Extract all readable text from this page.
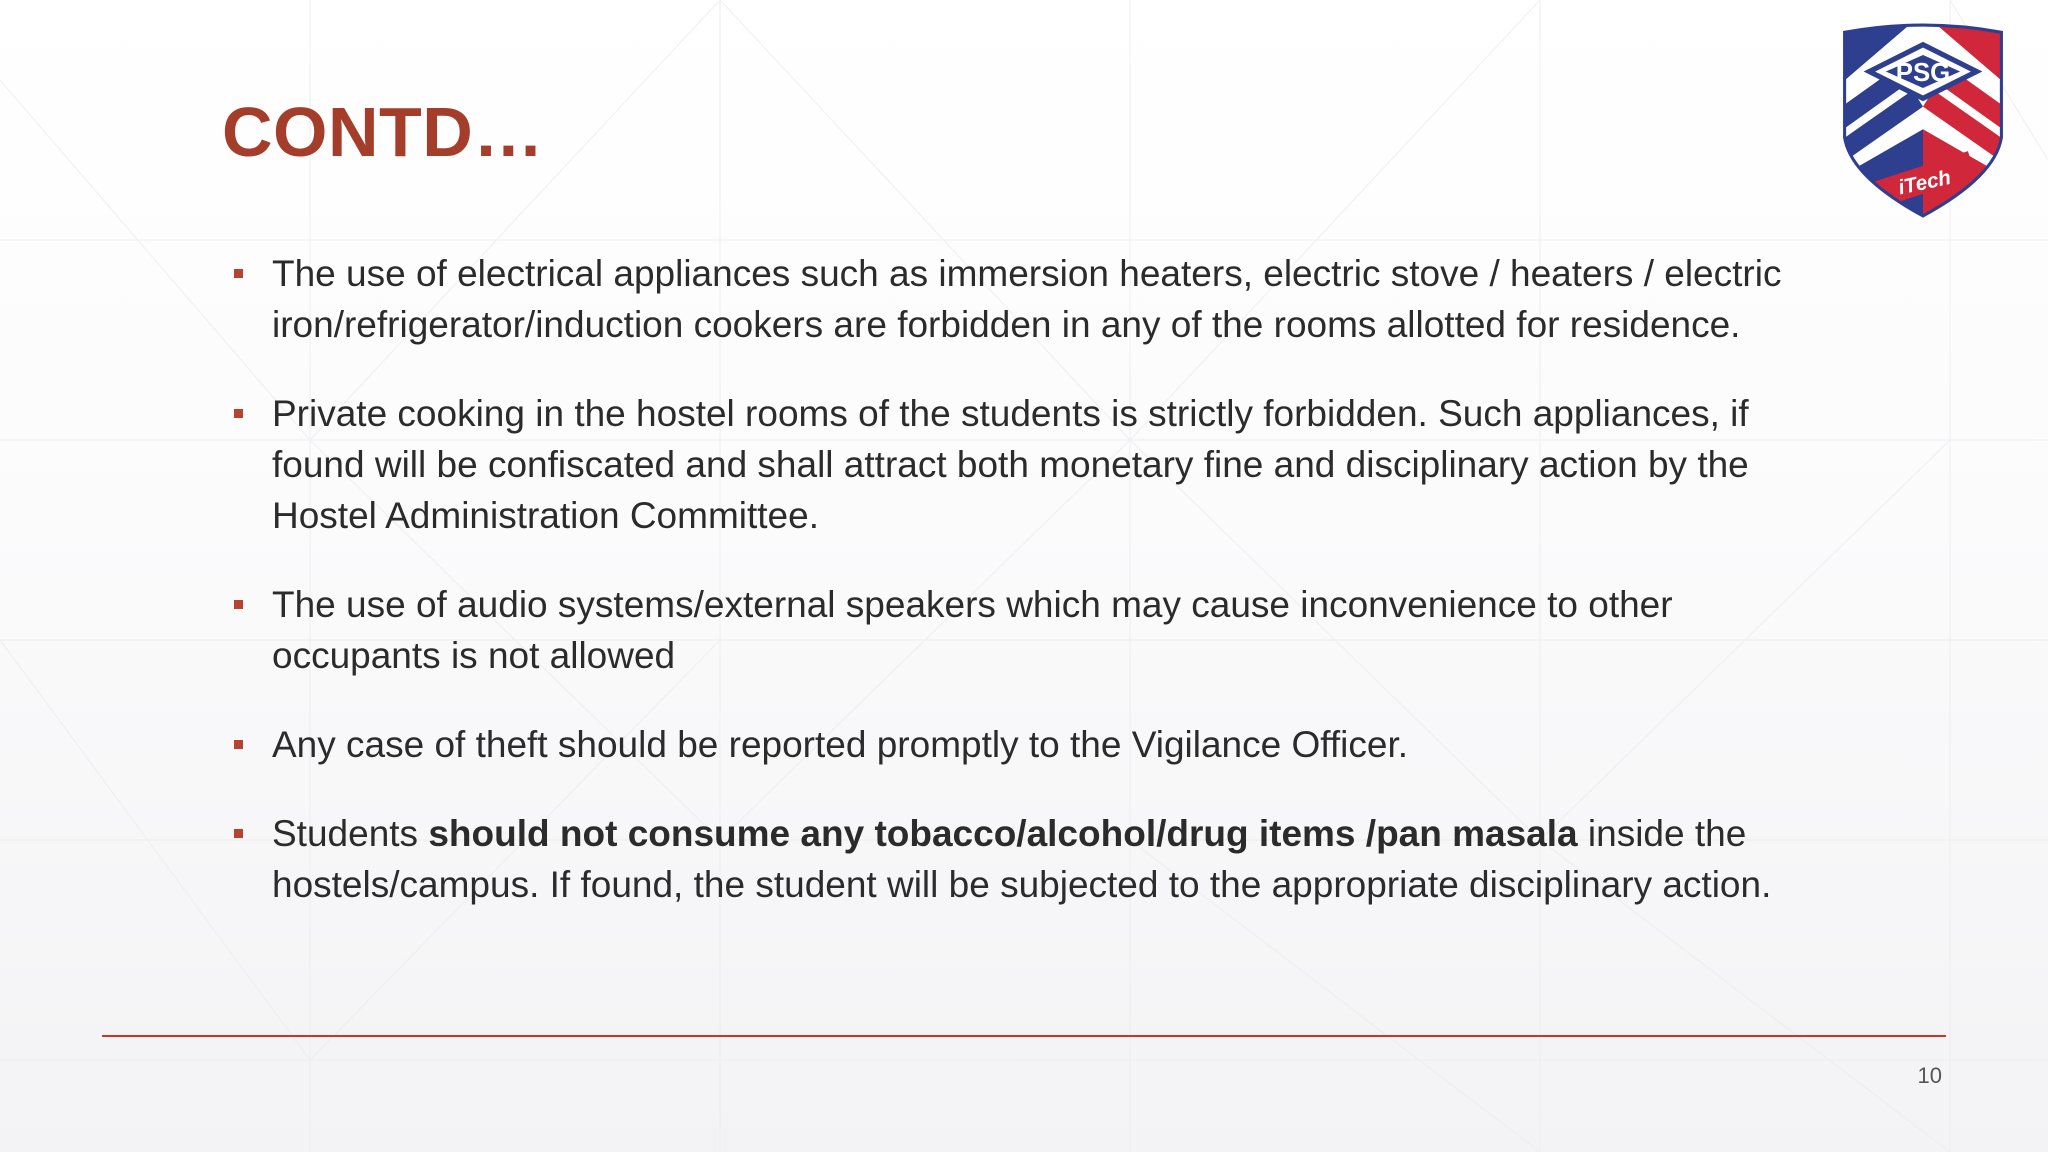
CONTD…
PSG
iTech
The use of electrical appliances such as immersion heaters, electric stove / heaters / electric iron/refrigerator/induction cookers are forbidden in any of the rooms allotted for residence.
Private cooking in the hostel rooms of the students is strictly forbidden. Such appliances, if found will be confiscated and shall attract both monetary fine and disciplinary action by the Hostel Administration Committee.
The use of audio systems/external speakers which may cause inconvenience to other occupants is not allowed
Any case of theft should be reported promptly to the Vigilance Officer.
Students should not consume any tobacco/alcohol/drug items /pan masala inside the hostels/campus. If found, the student will be subjected to the appropriate disciplinary action.
10
